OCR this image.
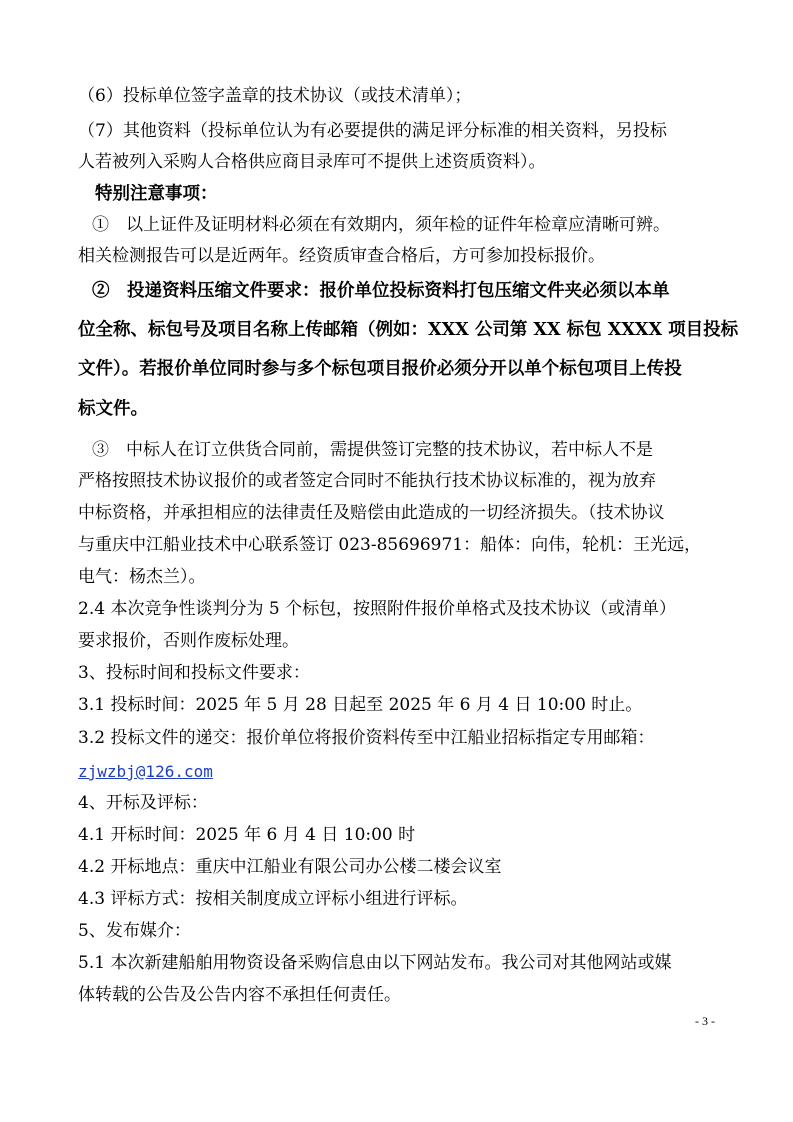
（6）投标单位签字盖章的技术协议（或技术清单）；
（7）其他资料（投标单位认为有必要提供的满足评分标准的相关资料，另投标
人若被列入采购人合格供应商目录库可不提供上述资质资料）。
特别注意事项：
①　以上证件及证明材料必须在有效期内，须年检的证件年检章应清晰可辨。
相关检测报告可以是近两年。经资质审查合格后，方可参加投标报价。
②　投递资料压缩文件要求：报价单位投标资料打包压缩文件夹必须以本单
位全称、标包号及项目名称上传邮箱（例如：XXX 公司第 XX 标包 XXXX 项目投标
文件）。若报价单位同时参与多个标包项目报价必须分开以单个标包项目上传投
标文件。
③　中标人在订立供货合同前，需提供签订完整的技术协议，若中标人不是
严格按照技术协议报价的或者签定合同时不能执行技术协议标准的，视为放弃
中标资格，并承担相应的法律责任及赔偿由此造成的一切经济损失。（技术协议
与重庆中江船业技术中心联系签订 023-85696971：船体：向伟，轮机：王光远，
电气：杨杰兰）。
2.4 本次竞争性谈判分为 5 个标包，按照附件报价单格式及技术协议（或清单）
要求报价，否则作废标处理。
3、投标时间和投标文件要求：
3.1 投标时间：2025 年 5 月 28 日起至 2025 年 6 月 4 日 10:00 时止。
3.2 投标文件的递交：报价单位将报价资料传至中江船业招标指定专用邮箱：
zjwzbj@126.com
4、开标及评标：
4.1 开标时间：2025 年 6 月 4 日 10:00 时
4.2 开标地点：重庆中江船业有限公司办公楼二楼会议室
4.3 评标方式：按相关制度成立评标小组进行评标。
5、发布媒介：
5.1 本次新建船舶用物资设备采购信息由以下网站发布。我公司对其他网站或媒
体转载的公告及公告内容不承担任何责任。
- 3 -
